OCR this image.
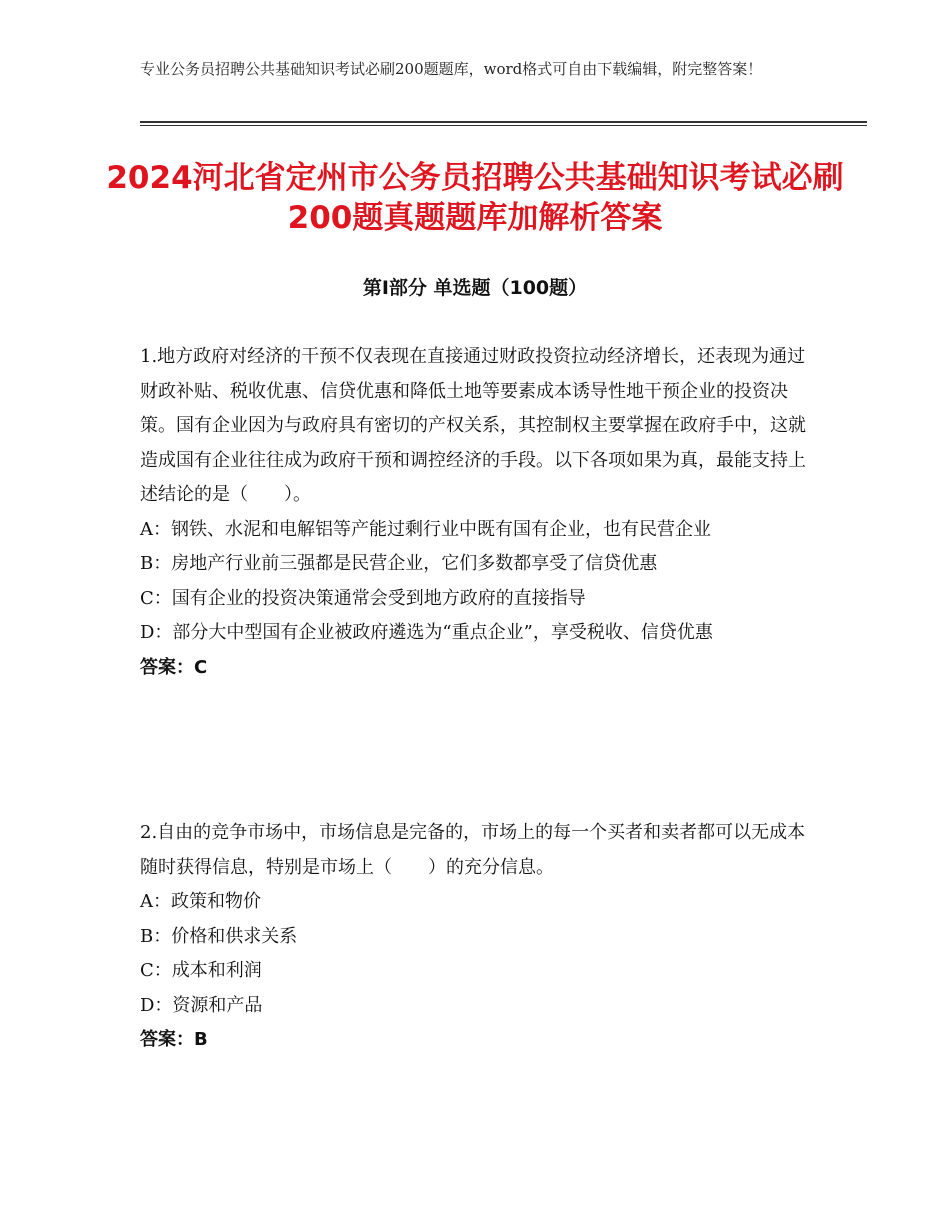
专业公务员招聘公共基础知识考试必刷200题题库，word格式可自由下载编辑，附完整答案！
2024河北省定州市公务员招聘公共基础知识考试必刷200题真题题库加解析答案
第Ⅰ部分 单选题（100题）

1.地方政府对经济的干预不仅表现在直接通过财政投资拉动经济增长，还表现为通过财政补贴、税收优惠、信贷优惠和降低土地等要素成本诱导性地干预企业的投资决策。国有企业因为与政府具有密切的产权关系，其控制权主要掌握在政府手中，这就造成国有企业往往成为政府干预和调控经济的手段。以下各项如果为真，最能支持上述结论的是（　　）。

A：钢铁、水泥和电解铝等产能过剩行业中既有国有企业，也有民营企业

B：房地产行业前三强都是民营企业，它们多数都享受了信贷优惠

C：国有企业的投资决策通常会受到地方政府的直接指导

D：部分大中型国有企业被政府遴选为“重点企业”，享受税收、信贷优惠

答案：C

2.自由的竞争市场中，市场信息是完备的，市场上的每一个买者和卖者都可以无成本随时获得信息，特别是市场上（　　）的充分信息。

A：政策和物价

B：价格和供求关系

C：成本和利润

D：资源和产品

答案：B
